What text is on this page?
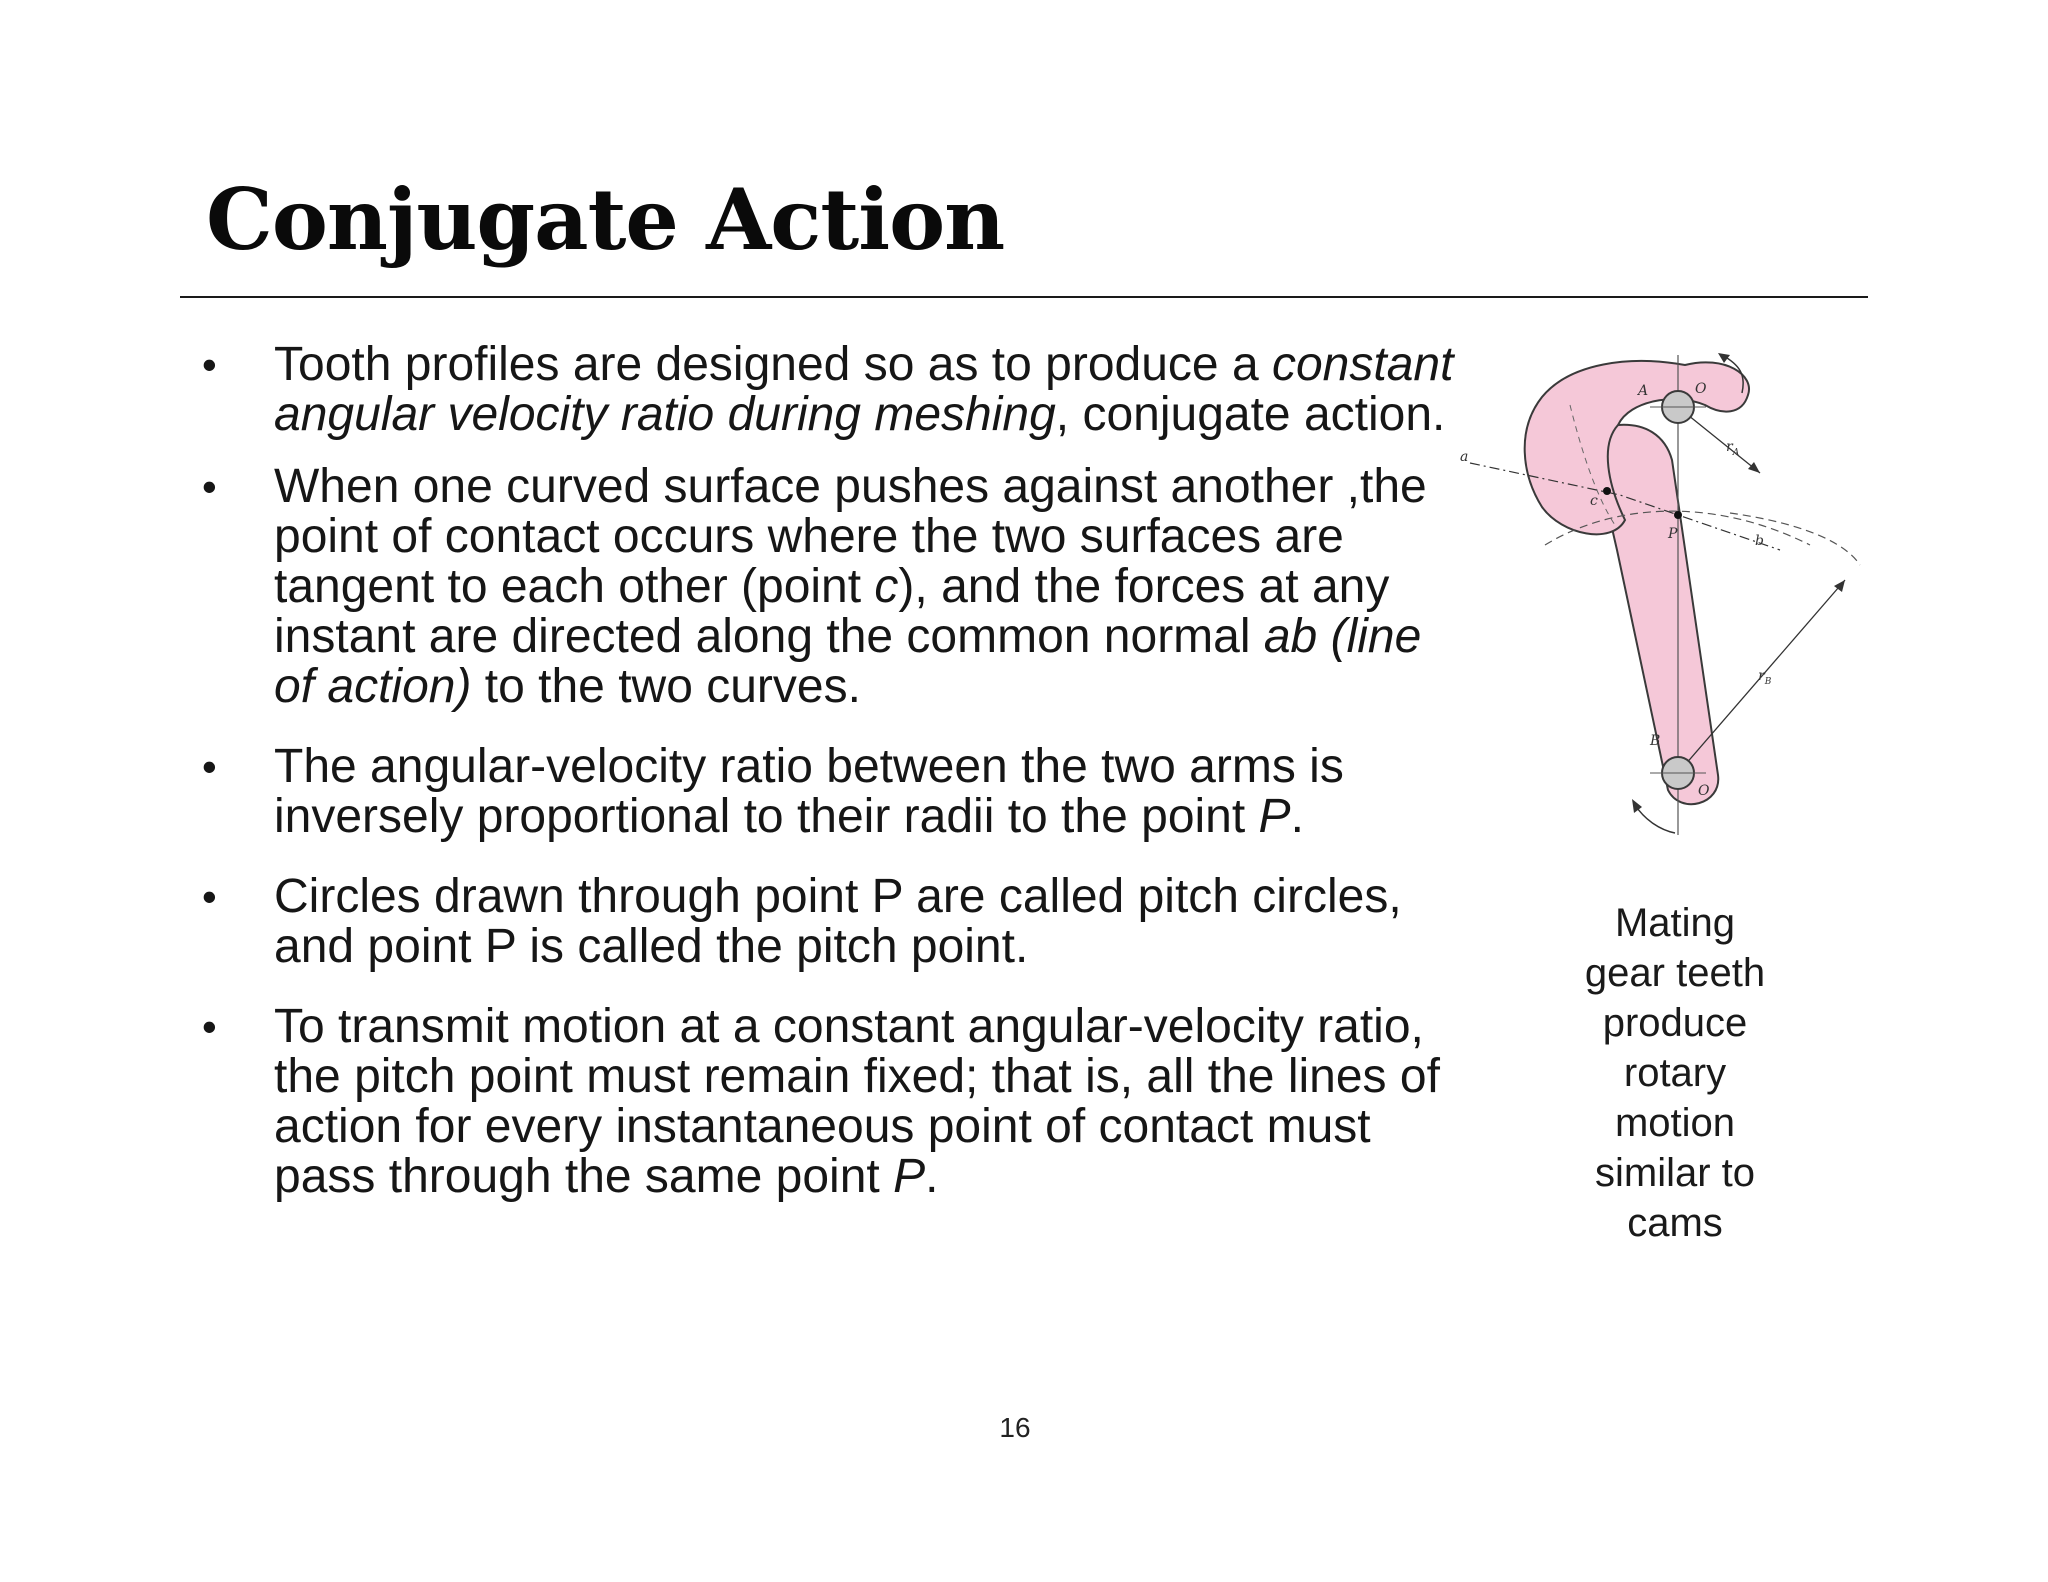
Conjugate Action
• Tooth profiles are designed so as to produce a constant angular velocity ratio during meshing, conjugate action.
• When one curved surface pushes against another ,the point of contact occurs where the two surfaces are tangent to each other (point c), and the forces at any instant are directed along the common normal ab (line of action) to the two curves.
• The angular-velocity ratio between the two arms is inversely proportional to their radii to the point P.
• Circles drawn through point P are called pitch circles, and point P is called the pitch point.
• To transmit motion at a constant angular-velocity ratio, the pitch point must remain fixed; that is, all the lines of action for every instantaneous point of contact must pass through the same point P.
A	O
a
c
P	b
$r_A$
$r_B$
B
O
Mating
gear teeth
produce
rotary
motion
similar to
cams
16
